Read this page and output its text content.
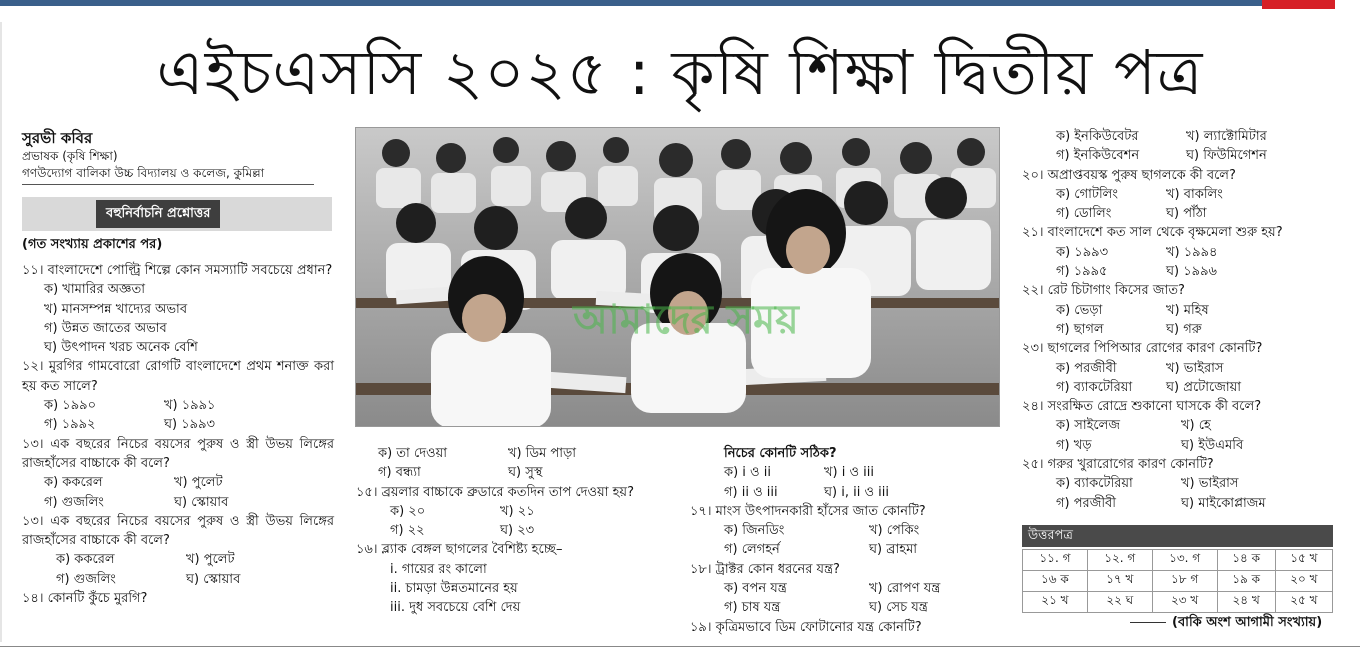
এইচএসসি ২০২৫ : কৃষি শিক্ষা দ্বিতীয় পত্র
সুরভী কবির
প্রভাষক (কৃষি শিক্ষা)
গণউদ্যোগ বালিকা উচ্চ বিদ্যালয় ও কলেজ, কুমিল্লা
বহুনির্বাচনি প্রশ্নোত্তর
(গত সংখ্যায় প্রকাশের পর)
১১। বাংলাদেশে পোল্ট্রি শিল্পে কোন সমস্যাটি সবচেয়ে প্রধান?
ক) খামারির অজ্ঞতা
খ) মানসম্পন্ন খাদ্যের অভাব
গ) উন্নত জাতের অভাব
ঘ) উৎপাদন খরচ অনেক বেশি
১২। মুরগির গামবোরো রোগটি বাংলাদেশে প্রথম শনাক্ত করা হয় কত সালে?
ক) ১৯৯০	খ) ১৯৯১
গ) ১৯৯২	ঘ) ১৯৯৩
১৩। এক বছরের নিচের বয়সের পুরুষ ও স্ত্রী উভয় লিঙ্গের রাজহাঁসের বাচ্চাকে কী বলে?
ক) ককরেল	খ) পুলেট
গ) গুজলিং	ঘ) স্কোয়াব
১৩। এক বছরের নিচের বয়সের পুরুষ ও স্ত্রী উভয় লিঙ্গের রাজহাঁসের বাচ্চাকে কী বলে?
ক) ককরেল	খ) পুলেট
গ) গুজলিং	ঘ) স্কোয়াব
১৪। কোনটি কুঁচে মুরগি?
আমাদের সময়
ক) তা দেওয়া	খ) ডিম পাড়া
গ) বন্ধ্যা	ঘ) সুস্থ
১৫। ব্রয়লার বাচ্চাকে ব্রুডারে কতদিন তাপ দেওয়া হয়?
ক) ২০	খ) ২১
গ) ২২	ঘ) ২৩
১৬। ব্ল্যাক বেঙ্গল ছাগলের বৈশিষ্ট্য হচ্ছে–
i. গায়ের রং কালো
ii. চামড়া উন্নতমানের হয়
iii. দুধ সবচেয়ে বেশি দেয়
নিচের কোনটি সঠিক?
ক) i ও ii	খ) i ও iii
গ) ii ও iii	ঘ) i, ii ও iii
১৭। মাংস উৎপাদনকারী হাঁসের জাত কোনটি?
ক) জিনডিং	খ) পেকিং
গ) লেগহর্ন	ঘ) ব্রাহমা
১৮। ট্রাক্টর কোন ধরনের যন্ত্র?
ক) বপন যন্ত্র	খ) রোপণ যন্ত্র
গ) চাষ যন্ত্র	ঘ) সেচ যন্ত্র
১৯। কৃত্রিমভাবে ডিম ফোটানোর যন্ত্র কোনটি?
ক) ইনকিউবেটর	খ) ল্যাক্টোমিটার
গ) ইনকিউবেশন	ঘ) ফিউমিগেশন
২০। অপ্রাপ্তবয়স্ক পুরুষ ছাগলকে কী বলে?
ক) গোটলিং	খ) বাকলিং
গ) ডোলিং	ঘ) পাঁঠা
২১। বাংলাদেশে কত সাল থেকে বৃক্ষমেলা শুরু হয়?
ক) ১৯৯৩	খ) ১৯৯৪
গ) ১৯৯৫	ঘ) ১৯৯৬
২২। রেট চিটাগাং কিসের জাত?
ক) ভেড়া	খ) মহিষ
গ) ছাগল	ঘ) গরু
২৩। ছাগলের পিপিআর রোগের কারণ কোনটি?
ক) পরজীবী	খ) ভাইরাস
গ) ব্যাকটেরিয়া	ঘ) প্রটোজোয়া
২৪। সংরক্ষিত রোদ্রে শুকানো ঘাসকে কী বলে?
ক) সাইলেজ	খ) হে
গ) খড়	ঘ) ইউএমবি
২৫। গরুর খুরারোগের কারণ কোনটি?
ক) ব্যাকটেরিয়া	খ) ভাইরাস
গ) পরজীবী	ঘ) মাইকোপ্লাজম
উত্তরপত্র
১১. গ	১২. গ	১৩. গ	১৪ ক	১৫ খ
১৬ ক	১৭ খ	১৮ গ	১৯ ক	২০ খ
২১ খ	২২ ঘ	২৩ খ	২৪ খ	২৫ খ
(বাকি অংশ আগামী সংখ্যায়)
